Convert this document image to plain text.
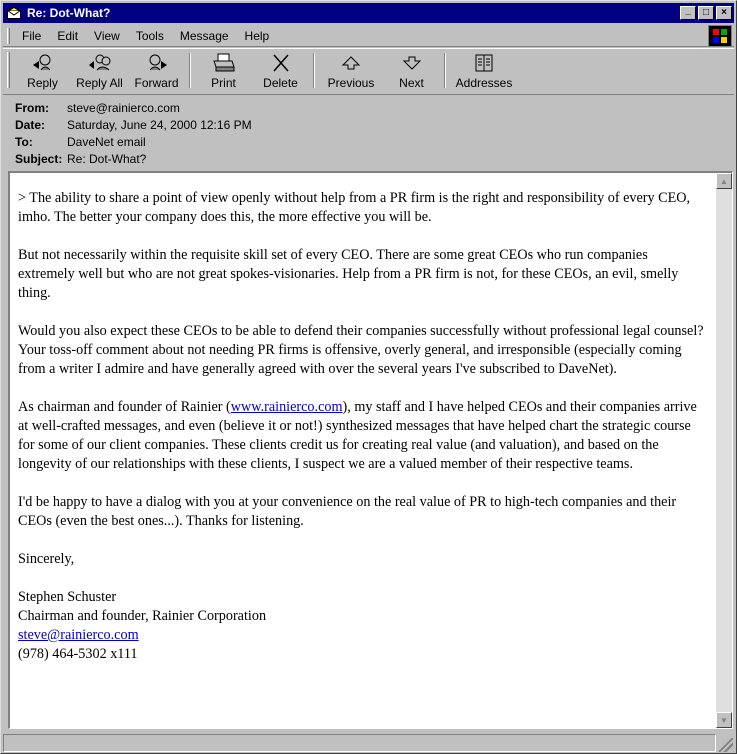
Re: Dot-What?	_ □ ×
File	Edit	View	Tools	Message	Help
Reply Reply All Forward	Print Delete Previous Next	Addresses
From:	steve@rainierco.com
Date:	Saturday, June 24, 2000 12:16 PM
To:	DaveNet email
Subject: Re: Dot-What?

> The ability to share a point of view openly without help from a PR firm is the right and responsibility of every CEO, imho. The better your company does this, the more effective you will be.

But not necessarily within the requisite skill set of every CEO. There are some great CEOs who run companies extremely well but who are not great spokes-visionaries. Help from a PR firm is not, for these CEOs, an evil, smelly thing.

Would you also expect these CEOs to be able to defend their companies successfully without professional legal counsel? Your toss-off comment about not needing PR firms is offensive, overly general, and irresponsible (especially coming from a writer I admire and have generally agreed with over the several years I've subscribed to DaveNet).

As chairman and founder of Rainier (www.rainierco.com), my staff and I have helped CEOs and their companies arrive at well-crafted messages, and even (believe it or not!) synthesized messages that have helped chart the strategic course for some of our client companies. These clients credit us for creating real value (and valuation), and based on the longevity of our relationships with these clients, I suspect we are a valued member of their respective teams.

I'd be happy to have a dialog with you at your convenience on the real value of PR to high-tech companies and their CEOs (even the best ones...). Thanks for listening.

Sincerely,

Stephen Schuster
Chairman and founder, Rainier Corporation
steve@rainierco.com
(978) 464-5302 x111

▲
▼
